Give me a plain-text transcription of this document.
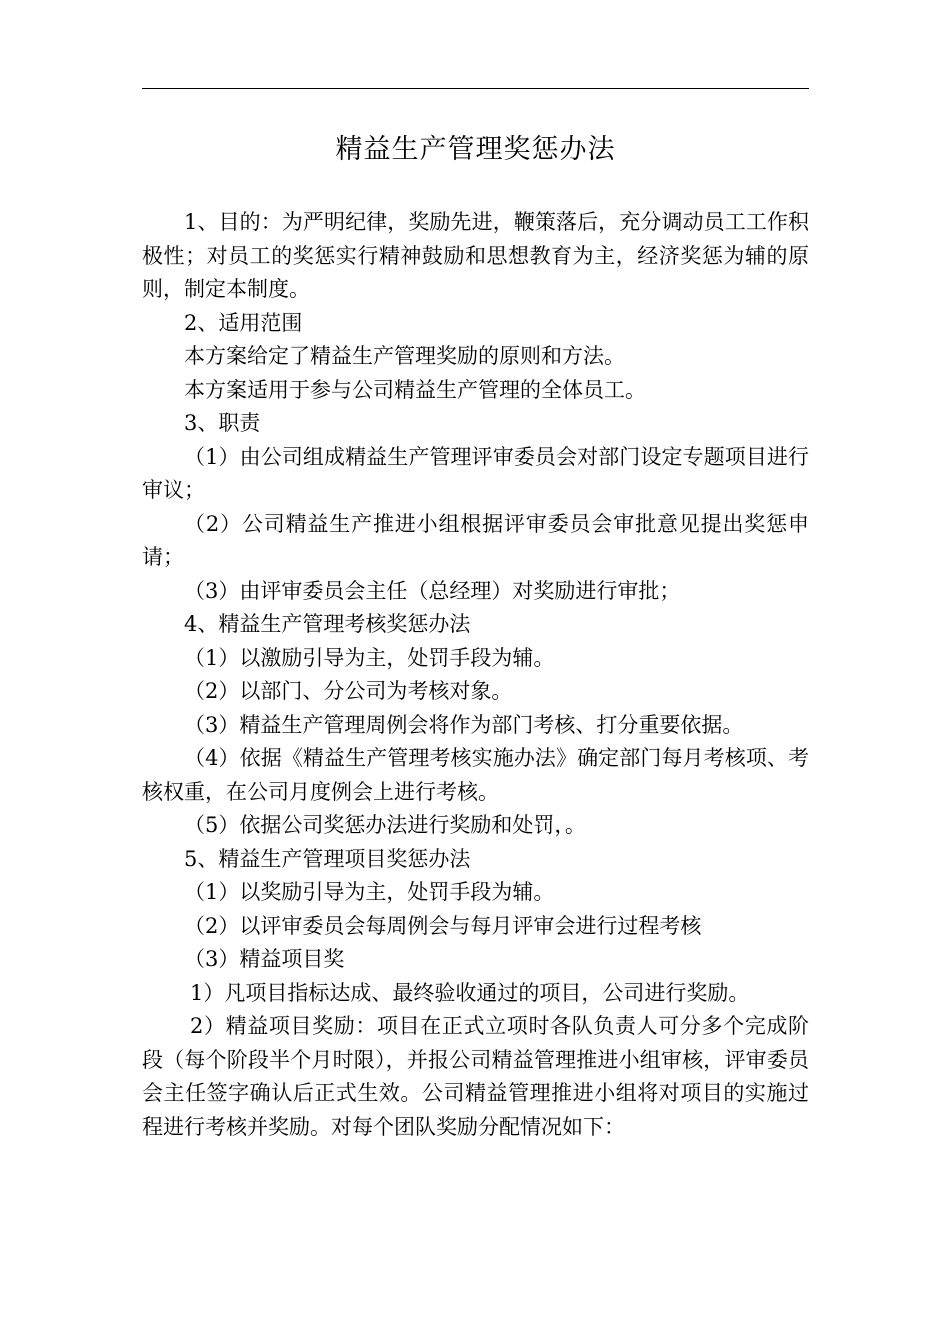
精益生产管理奖惩办法

1、目的：为严明纪律，奖励先进，鞭策落后，充分调动员工工作积极性；对员工的奖惩实行精神鼓励和思想教育为主，经济奖惩为辅的原则，制定本制度。

2、适用范围

本方案给定了精益生产管理奖励的原则和方法。

本方案适用于参与公司精益生产管理的全体员工。

3、职责

（1）由公司组成精益生产管理评审委员会对部门设定专题项目进行审议；

（2）公司精益生产推进小组根据评审委员会审批意见提出奖惩申请；

（3）由评审委员会主任（总经理）对奖励进行审批；

4、精益生产管理考核奖惩办法

（1）以激励引导为主，处罚手段为辅。

（2）以部门、分公司为考核对象。

（3）精益生产管理周例会将作为部门考核、打分重要依据。

（4）依据《精益生产管理考核实施办法》确定部门每月考核项、考核权重，在公司月度例会上进行考核。

（5）依据公司奖惩办法进行奖励和处罚，。

5、精益生产管理项目奖惩办法

（1）以奖励引导为主，处罚手段为辅。

（2）以评审委员会每周例会与每月评审会进行过程考核

（3）精益项目奖

1）凡项目指标达成、最终验收通过的项目，公司进行奖励。

2）精益项目奖励：项目在正式立项时各队负责人可分多个完成阶段（每个阶段半个月时限），并报公司精益管理推进小组审核，评审委员会主任签字确认后正式生效。公司精益管理推进小组将对项目的实施过程进行考核并奖励。对每个团队奖励分配情况如下：
